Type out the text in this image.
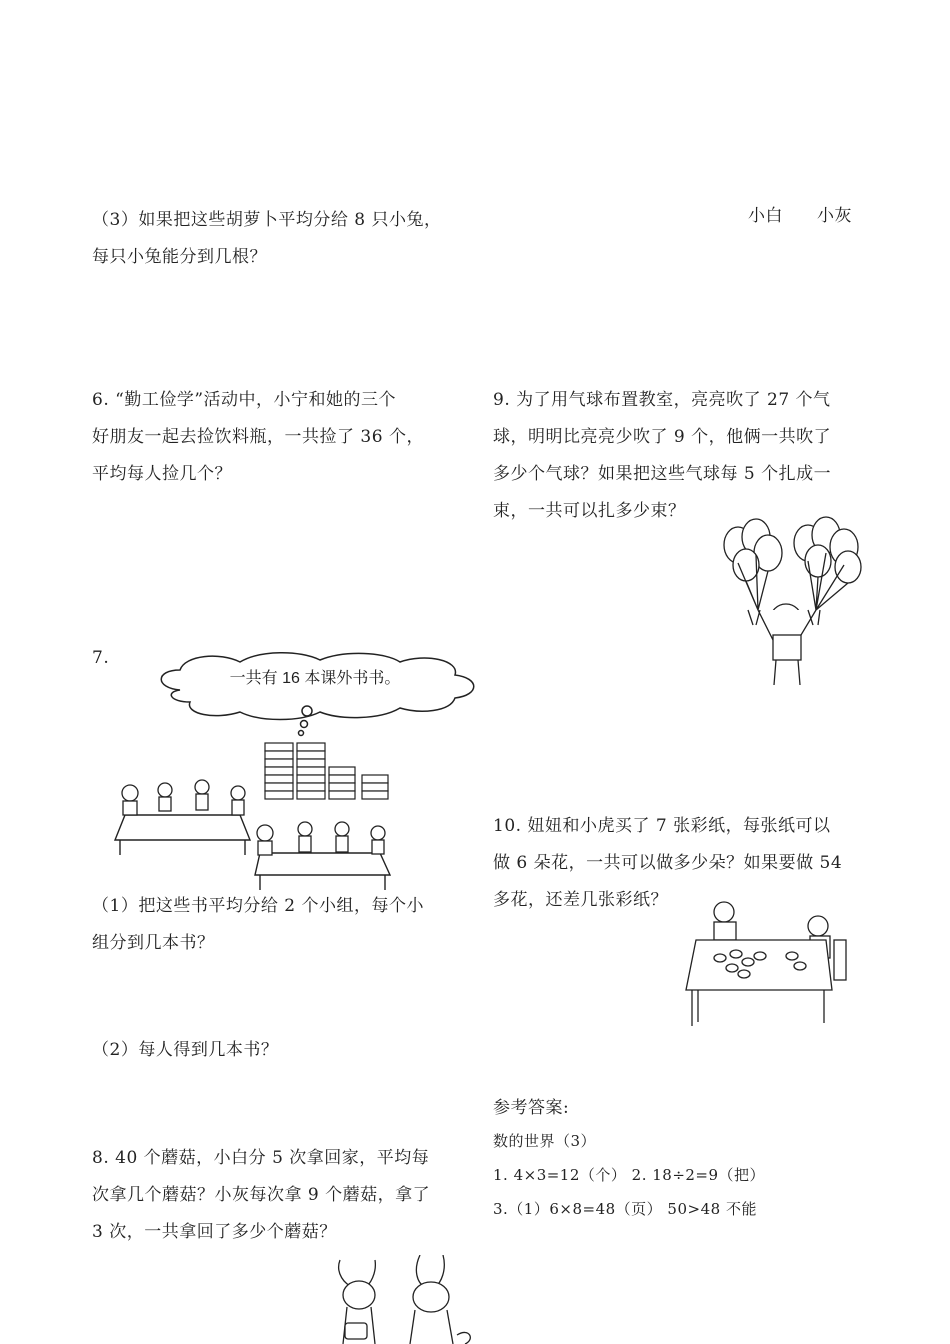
（3）如果把这些胡萝卜平均分给 8 只小兔，
每只小兔能分到几根？
6. “勤工俭学”活动中，小宁和她的三个
好朋友一起去捡饮料瓶，一共捡了 36 个，
平均每人捡几个？
7.
一共有 16 本课外书书。
（1）把这些书平均分给 2 个小组，每个小
组分到几本书？
（2）每人得到几本书？
8. 40 个蘑菇，小白分 5 次拿回家，平均每
次拿几个蘑菇？小灰每次拿 9 个蘑菇，拿了
3 次，一共拿回了多少个蘑菇？
小白 小灰
9. 为了用气球布置教室，亮亮吹了 27 个气
球，明明比亮亮少吹了 9 个，他俩一共吹了
多少个气球？如果把这些气球每 5 个扎成一
束，一共可以扎多少束？
10. 妞妞和小虎买了 7 张彩纸，每张纸可以
做 6 朵花，一共可以做多少朵？如果要做 54
多花，还差几张彩纸？
参考答案:
数的世界（3）
1. 4×3=12（个） 2. 18÷2=9（把）
3.（1）6×8=48（页） 50>48 不能
